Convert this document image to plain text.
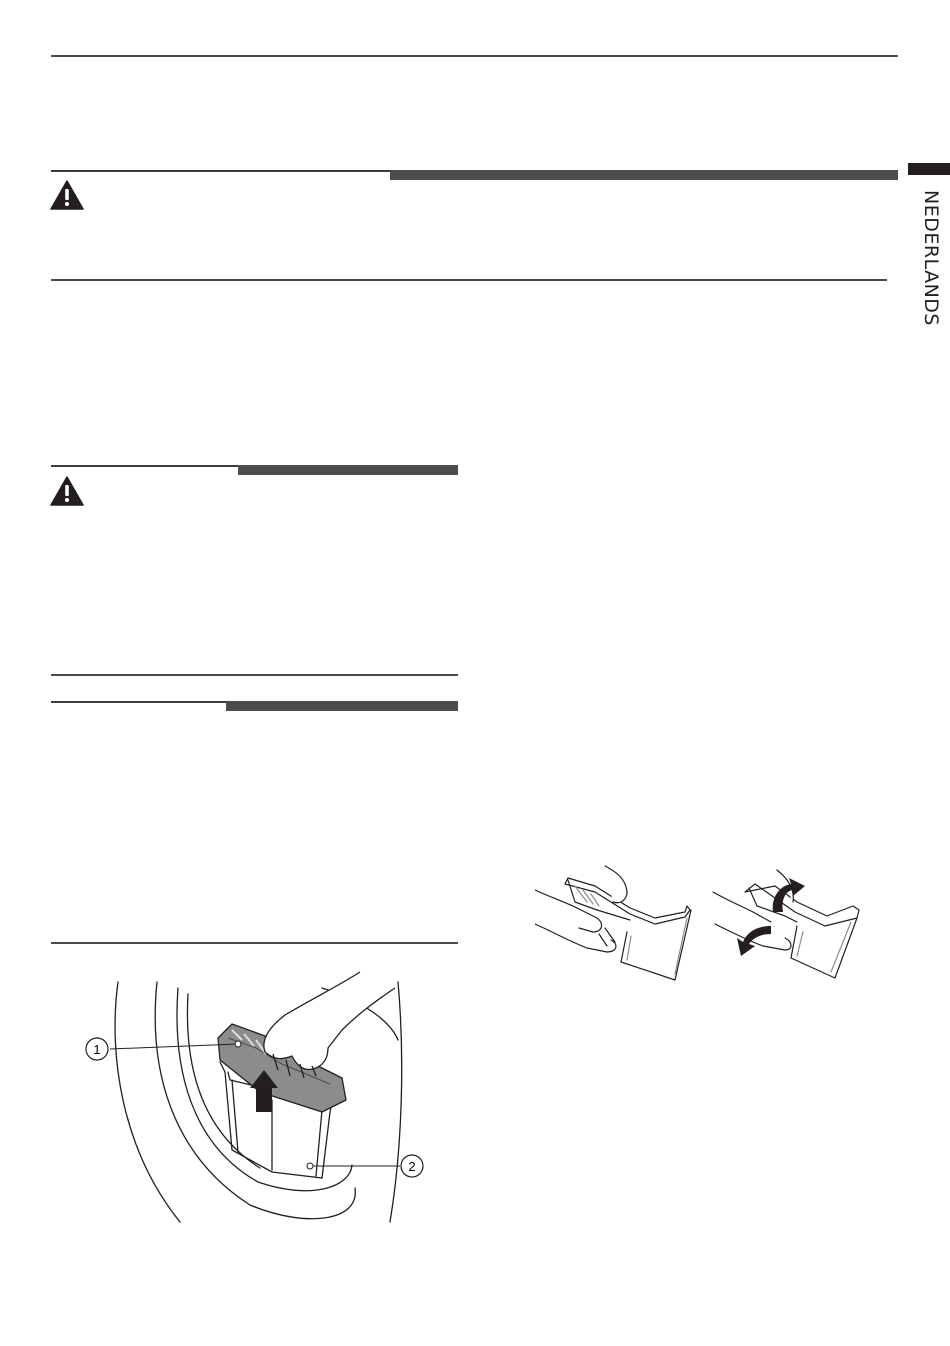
NEDERLANDS
1
2
